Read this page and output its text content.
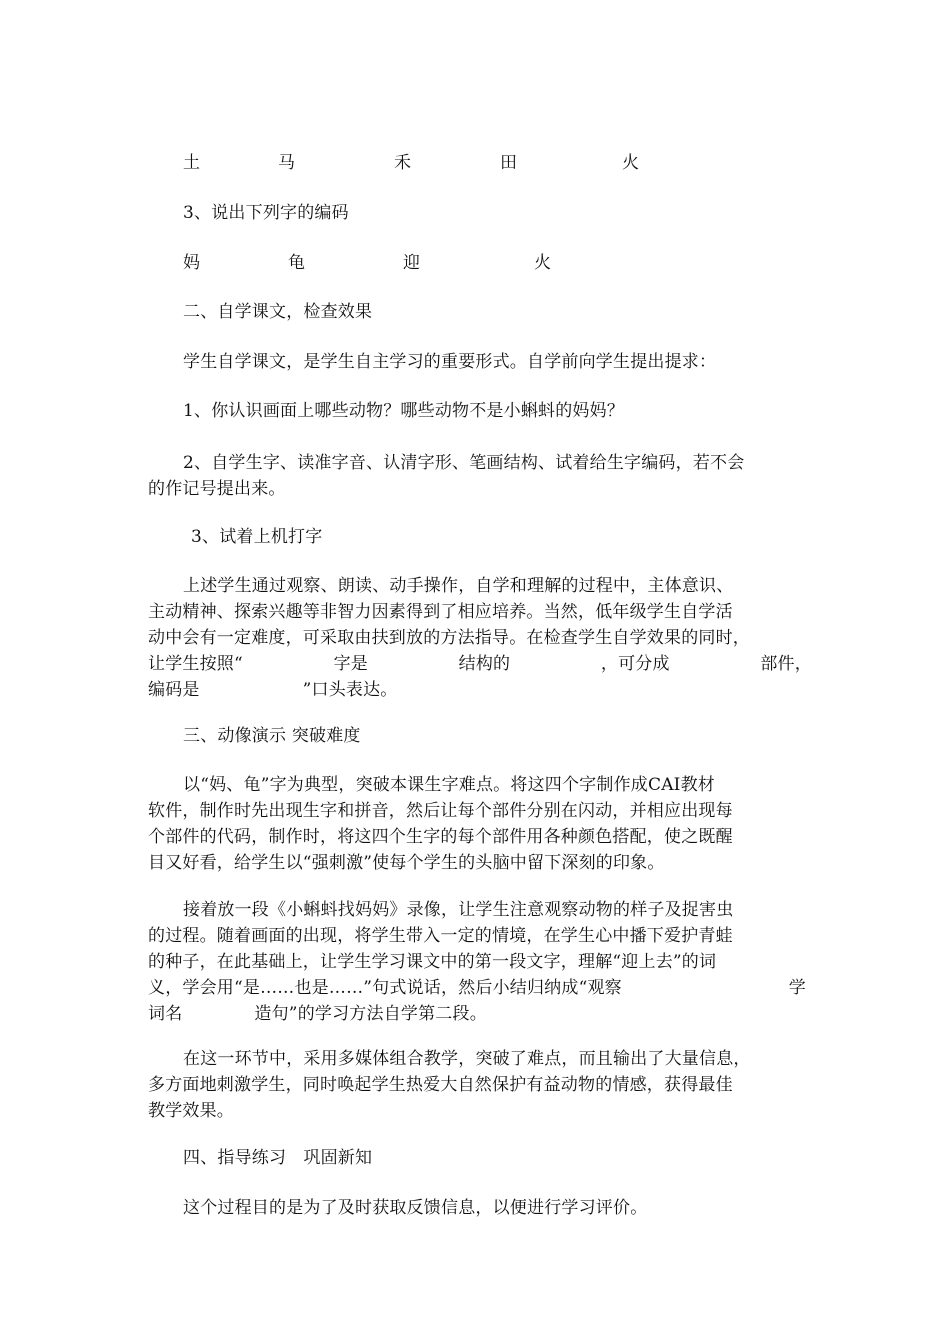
土	马	禾	田	火
3、说出下列字的编码
妈	龟	迎	火
二、自学课文，检查效果
学生自学课文，是学生自主学习的重要形式。自学前向学生提出提求：
1、你认识画面上哪些动物？哪些动物不是小蝌蚪的妈妈？
2、自学生字、读准字音、认清字形、笔画结构、试着给生字编码，若不会
的作记号提出来。
3、试着上机打字
上述学生通过观察、朗读、动手操作，自学和理解的过程中，主体意识、
主动精神、探索兴趣等非智力因素得到了相应培养。当然，低年级学生自学活
动中会有一定难度，可采取由扶到放的方法指导。在检查学生自学效果的同时，
让学生按照“	字是	结构的	，可分成	部件，
编码是	”口头表达。
三、动像演示 突破难度
以“妈、龟”字为典型，突破本课生字难点。将这四个字制作成CAI教材
软件，制作时先出现生字和拼音，然后让每个部件分别在闪动，并相应出现每
个部件的代码，制作时，将这四个生字的每个部件用各种颜色搭配，使之既醒
目又好看，给学生以“强刺激”使每个学生的头脑中留下深刻的印象。
接着放一段《小蝌蚪找妈妈》录像，让学生注意观察动物的样子及捉害虫
的过程。随着画面的出现，将学生带入一定的情境，在学生心中播下爱护青蛙
的种子，在此基础上，让学生学习课文中的第一段文字，理解“迎上去”的词
义，学会用“是……也是……”句式说话，然后小结归纳成“观察	学
词名	造句”的学习方法自学第二段。
在这一环节中，采用多媒体组合教学，突破了难点，而且输出了大量信息，
多方面地刺激学生，同时唤起学生热爱大自然保护有益动物的情感，获得最佳
教学效果。
四、指导练习　巩固新知
这个过程目的是为了及时获取反馈信息，以便进行学习评价。
